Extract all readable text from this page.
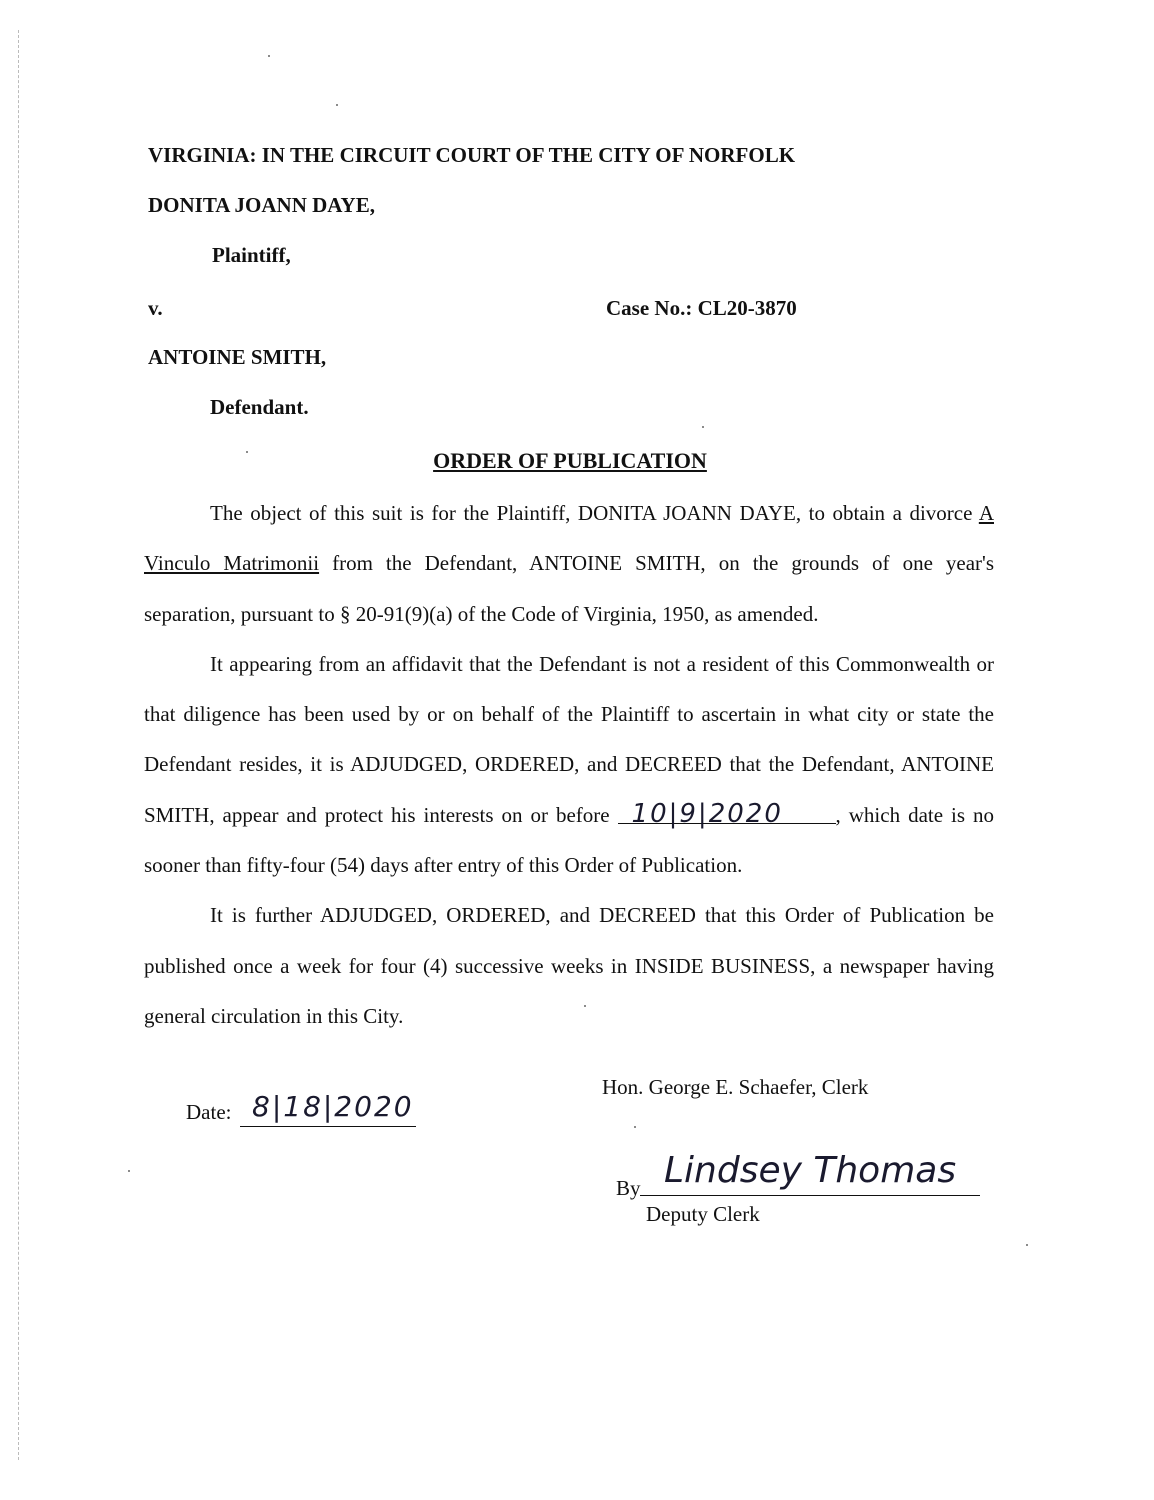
VIRGINIA: IN THE CIRCUIT COURT OF THE CITY OF NORFOLK
DONITA JOANN DAYE,
Plaintiff,
v.	Case No.: CL20-3870
ANTOINE SMITH,
Defendant.
ORDER OF PUBLICATION

The object of this suit is for the Plaintiff, DONITA JOANN DAYE, to obtain a divorce A Vinculo Matrimonii from the Defendant, ANTOINE SMITH, on the grounds of one year's separation, pursuant to § 20-91(9)(a) of the Code of Virginia, 1950, as amended.

It appearing from an affidavit that the Defendant is not a resident of this Commonwealth or that diligence has been used by or on behalf of the Plaintiff to ascertain in what city or state the Defendant resides, it is ADJUDGED, ORDERED, and DECREED that the Defendant, ANTOINE SMITH, appear and protect his interests on or before 10|9|2020	, which date is no sooner than fifty-four (54) days after entry of this Order of Publication.

It is further ADJUDGED, ORDERED, and DECREED that this Order of Publication be published once a week for four (4) successive weeks in INSIDE BUSINESS, a newspaper having general circulation in this City.

Hon. George E. Schaefer, Clerk
Date: 8|18|2020
By Lindsey Thomas
Deputy Clerk
